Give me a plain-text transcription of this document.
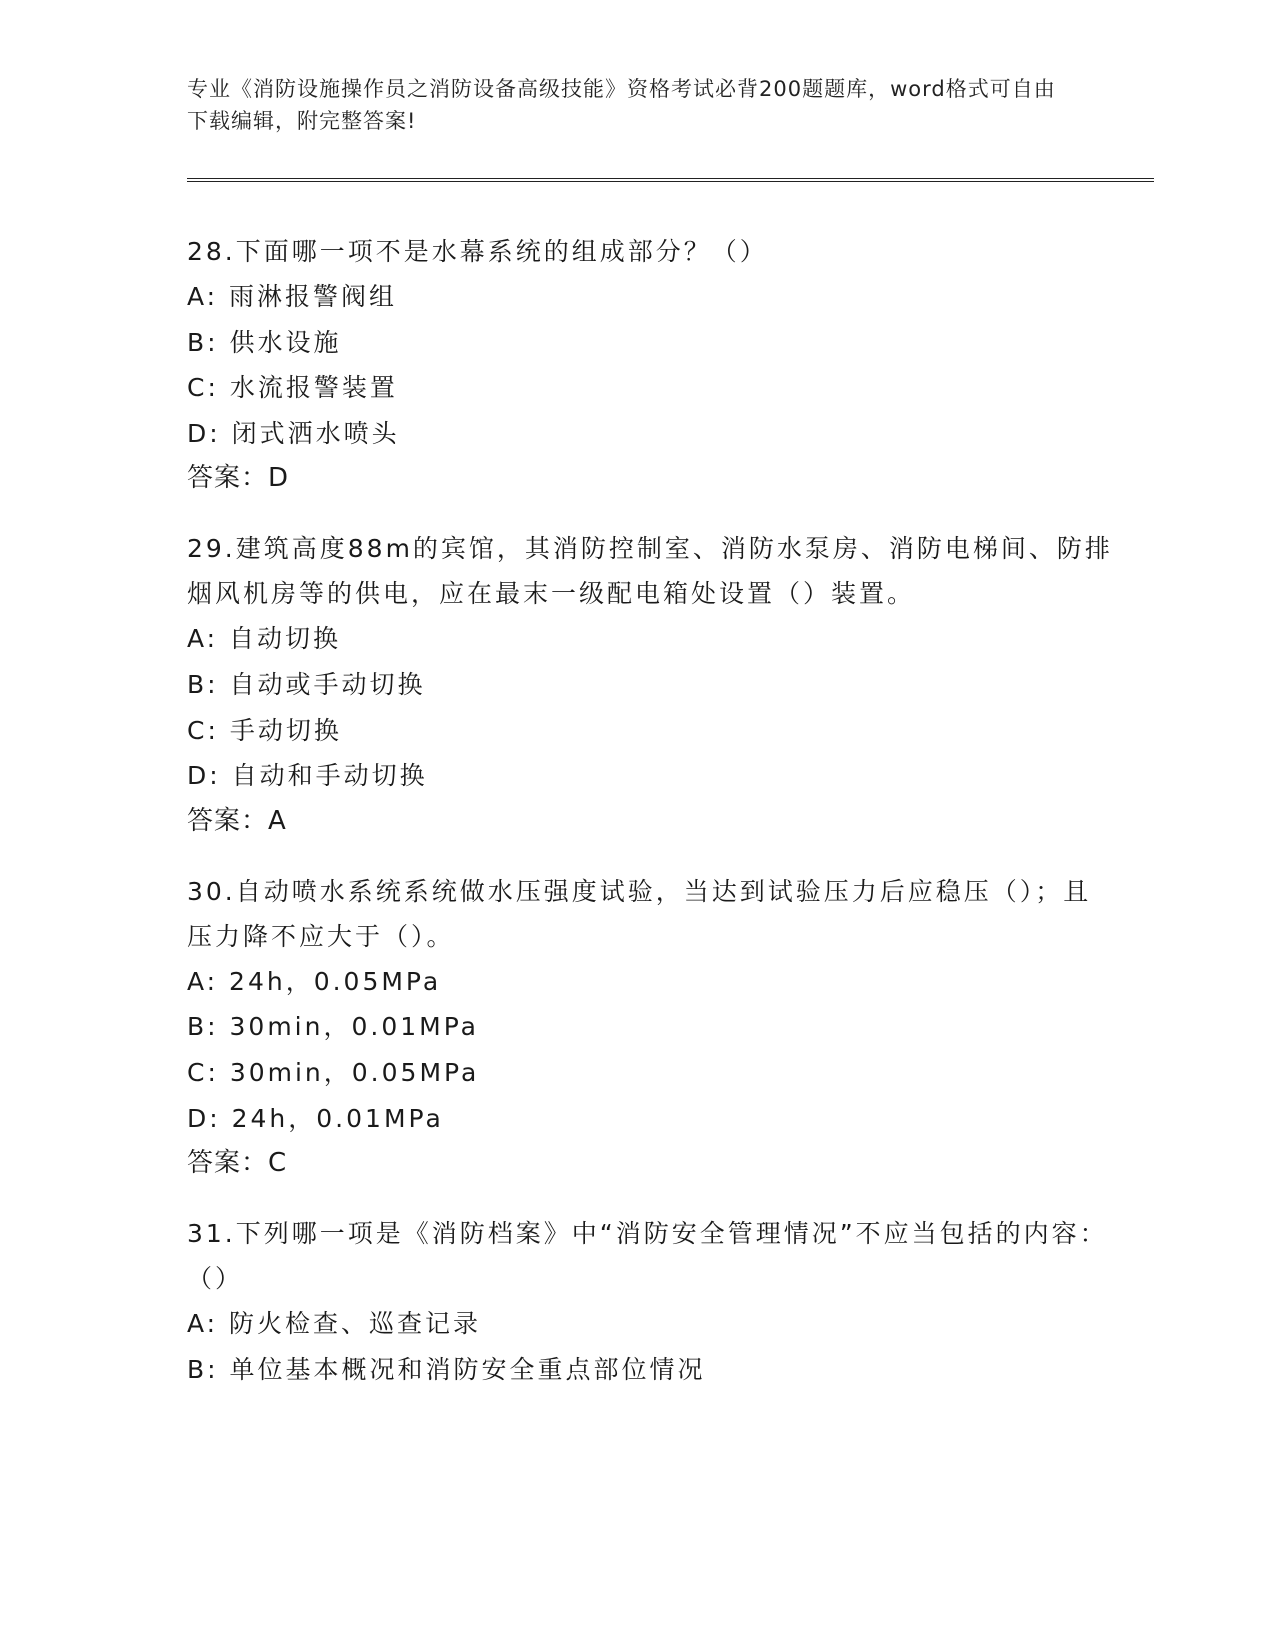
专业《消防设施操作员之消防设备高级技能》资格考试必背200题题库，word格式可自由下载编辑，附完整答案!

28.下面哪一项不是水幕系统的组成部分？（）

A: 雨淋报警阀组
B: 供水设施
C: 水流报警装置
D: 闭式洒水喷头
答案：D

29.建筑高度88m的宾馆，其消防控制室、消防水泵房、消防电梯间、防排烟风机房等的供电，应在最末一级配电箱处设置（）装置。

A: 自动切换
B: 自动或手动切换
C: 手动切换
D: 自动和手动切换
答案：A

30.自动喷水系统系统做水压强度试验，当达到试验压力后应稳压（）；且压力降不应大于（）。

A: 24h，0.05MPa
B: 30min，0.01MPa
C: 30min，0.05MPa
D: 24h，0.01MPa
答案：C

31.下列哪一项是《消防档案》中“消防安全管理情况”不应当包括的内容：（）

A: 防火检查、巡查记录
B: 单位基本概况和消防安全重点部位情况
